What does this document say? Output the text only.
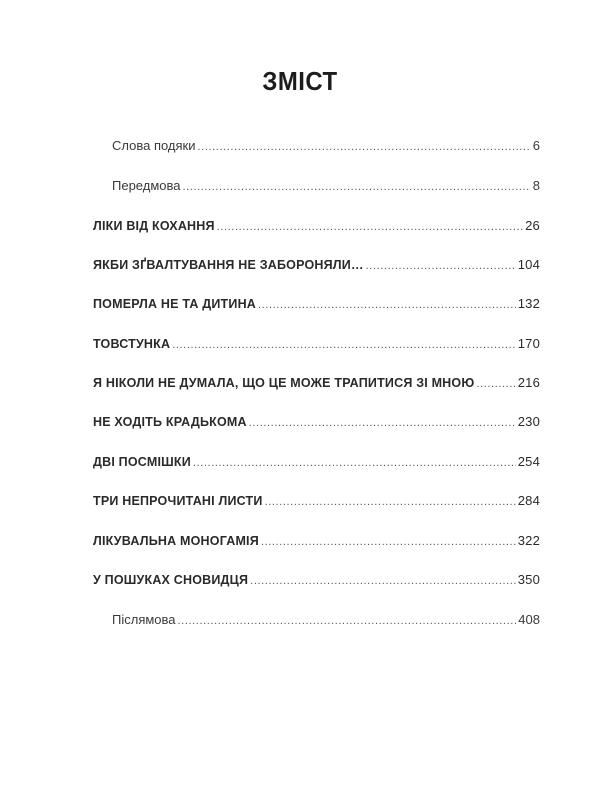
ЗМІСТ
Слова подяки .....	6
Передмова .....	8
ЛІКИ ВІД КОХАННЯ .....	26
ЯКБИ ЗҐВАЛТУВАННЯ НЕ ЗАБОРОНЯЛИ… .....	104
ПОМЕРЛА НЕ ТА ДИТИНА .....	132
ТОВСТУНКА .....	170
Я НІКОЛИ НЕ ДУМАЛА, ЩО ЦЕ МОЖЕ ТРАПИТИСЯ ЗІ МНОЮ .....	216
НЕ ХОДІТЬ КРАДЬКОМА .....	230
ДВІ ПОСМІШКИ .....	254
ТРИ НЕПРОЧИТАНІ ЛИСТИ .....	284
ЛІКУВАЛЬНА МОНОГАМІЯ .....	322
У ПОШУКАХ СНОВИДЦЯ .....	350
Післямова .....	408
